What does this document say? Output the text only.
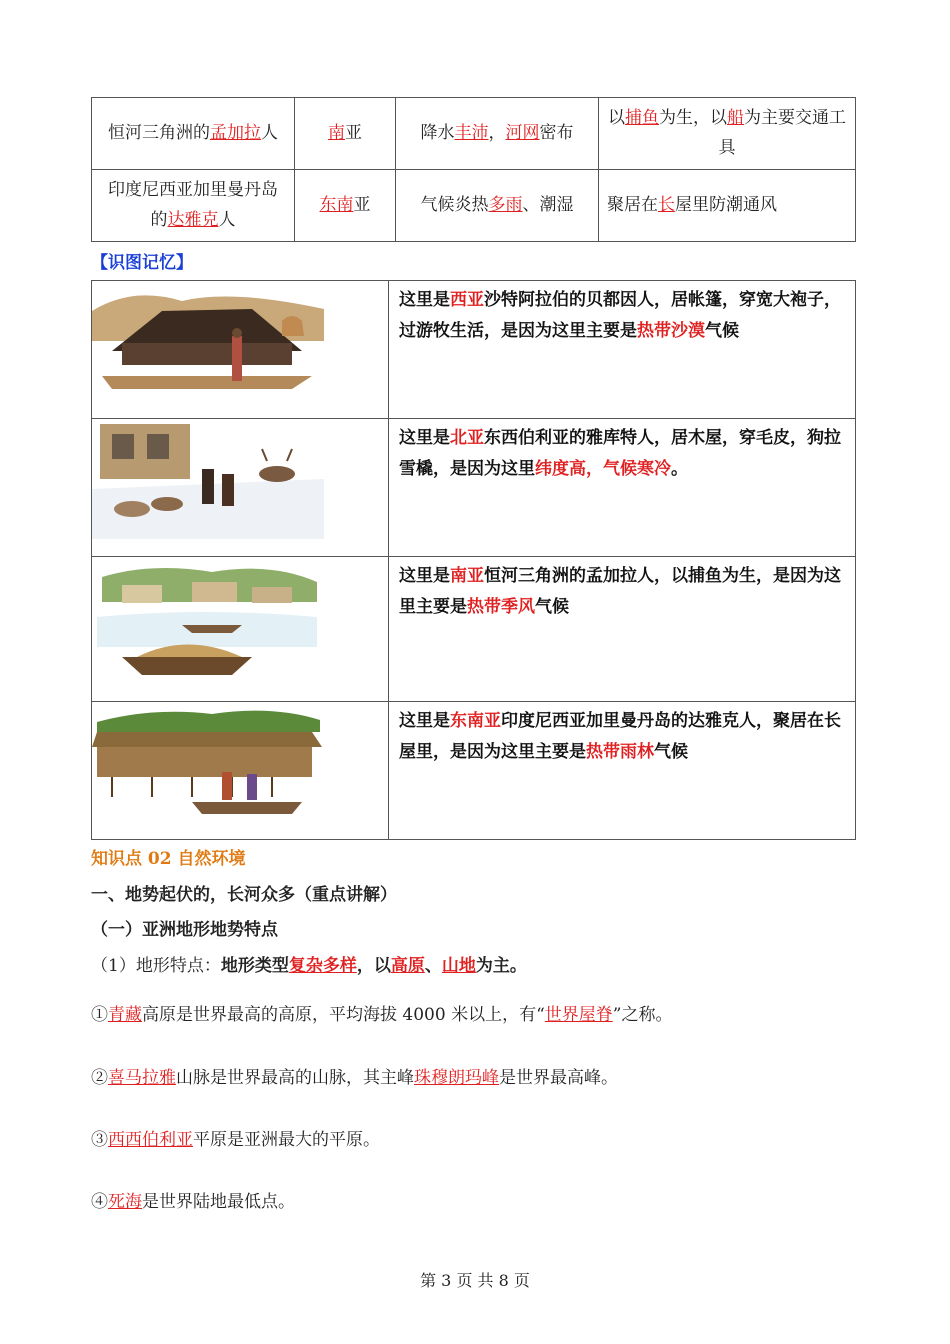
恒河三角洲的孟加拉人	南亚	降水丰沛，河网密布	以捕鱼为生，以船为主要交通工具
印度尼西亚加里曼丹岛的达雅克人	东南亚	气候炎热多雨、潮湿	聚居在长屋里防潮通风
【识图记忆】
	这里是西亚沙特阿拉伯的贝都因人，居帐篷，穿宽大袍子，过游牧生活，是因为这里主要是热带沙漠气候

	这里是北亚东西伯利亚的雅库特人，居木屋，穿毛皮，狗拉雪橇，是因为这里纬度高，气候寒冷。

	这里是南亚恒河三角洲的孟加拉人，以捕鱼为生，是因为这里主要是热带季风气候

	这里是东南亚印度尼西亚加里曼丹岛的达雅克人，聚居在长屋里，是因为这里主要是热带雨林气候
知识点 02 自然环境
一、地势起伏的，长河众多（重点讲解）
（一）亚洲地形地势特点
（1）地形特点：地形类型复杂多样，以高原、山地为主。
①青藏高原是世界最高的高原，平均海拔 4000 米以上，有“世界屋脊”之称。
②喜马拉雅山脉是世界最高的山脉，其主峰珠穆朗玛峰是世界最高峰。
③西西伯利亚平原是亚洲最大的平原。
④死海是世界陆地最低点。
第 3 页 共 8 页
